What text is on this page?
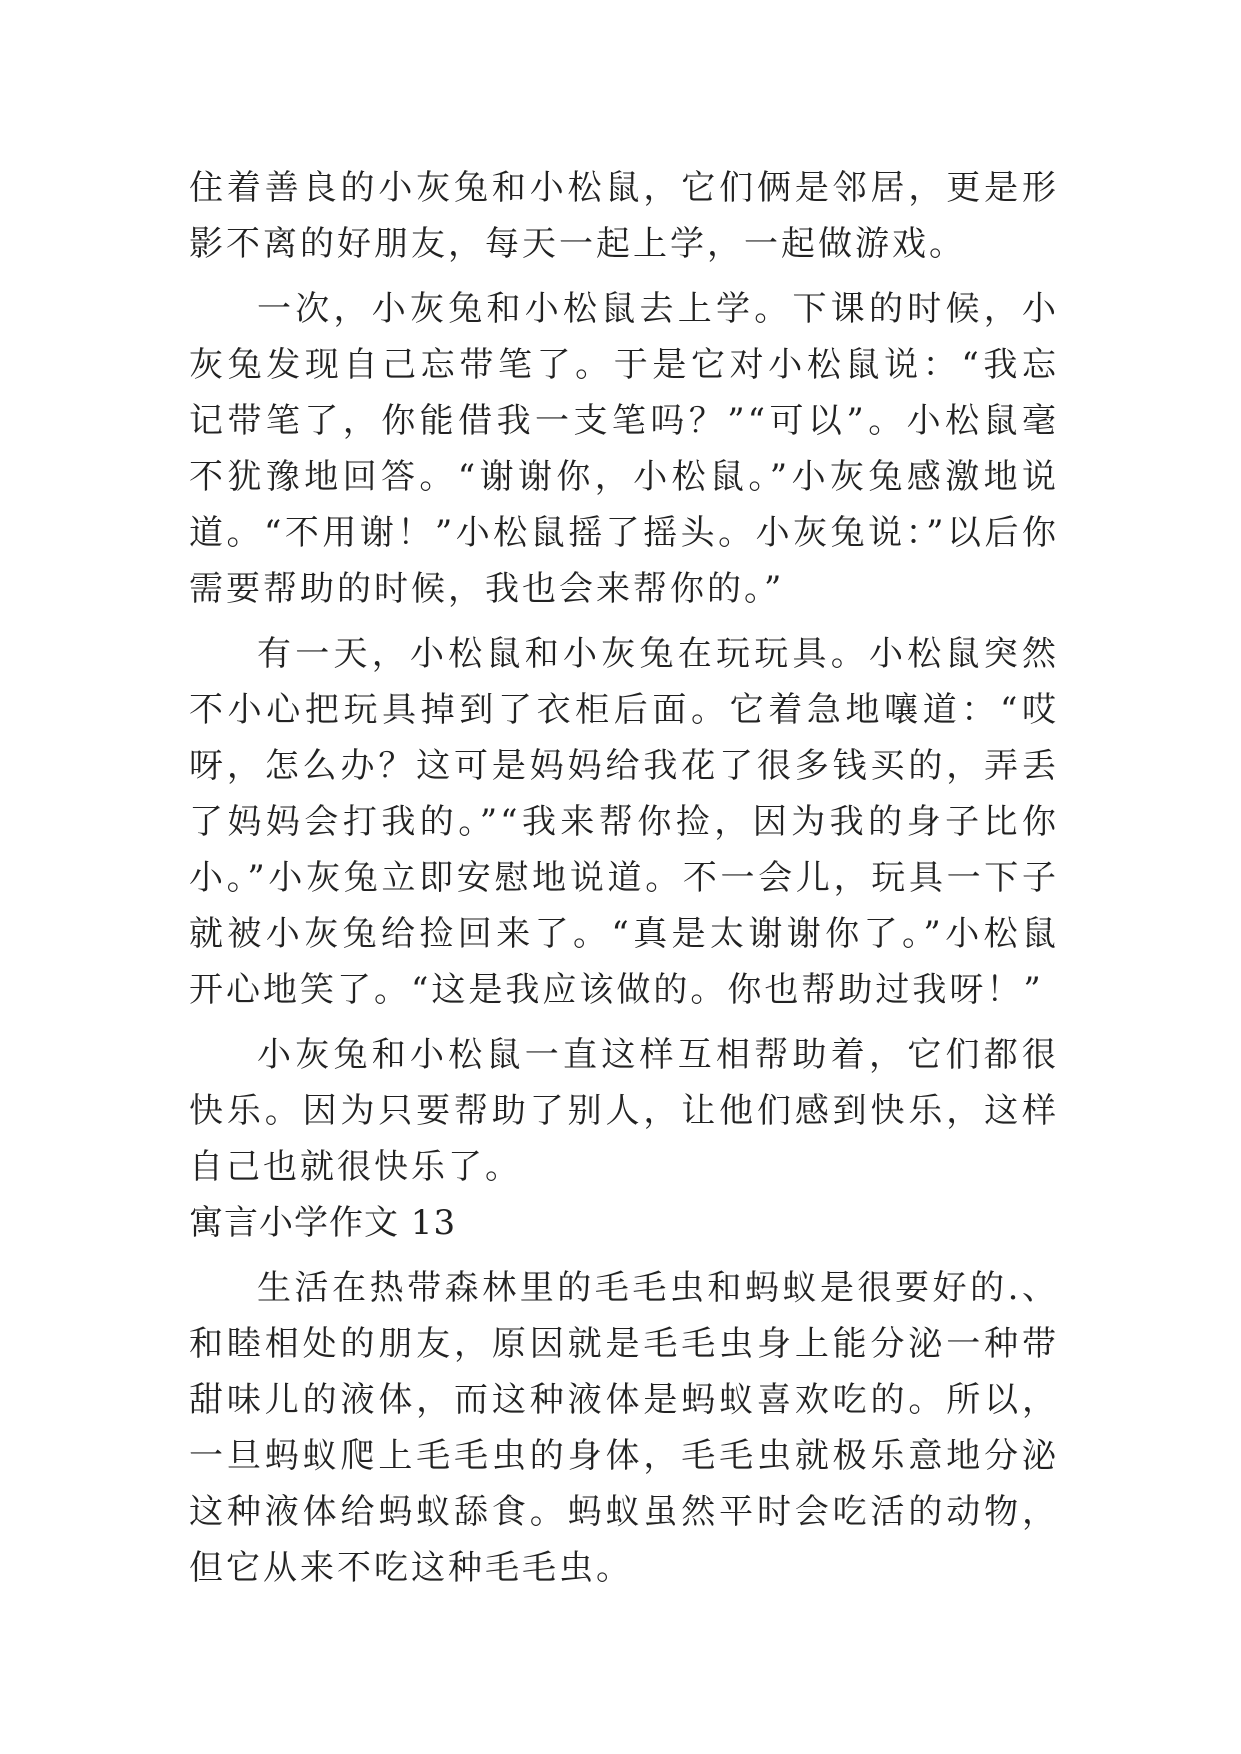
住着善良的小灰兔和小松鼠，它们俩是邻居，更是形影不离的好朋友，每天一起上学，一起做游戏。

一次，小灰兔和小松鼠去上学。下课的时候，小灰兔发现自己忘带笔了。于是它对小松鼠说：“我忘记带笔了，你能借我一支笔吗？”“可以”。小松鼠毫不犹豫地回答。“谢谢你，小松鼠。”小灰兔感激地说道。“不用谢！”小松鼠摇了摇头。小灰兔说：”以后你需要帮助的时候，我也会来帮你的。”

有一天，小松鼠和小灰兔在玩玩具。小松鼠突然不小心把玩具掉到了衣柜后面。它着急地嚷道：“哎呀，怎么办？这可是妈妈给我花了很多钱买的，弄丢了妈妈会打我的。”“我来帮你捡，因为我的身子比你小。”小灰兔立即安慰地说道。不一会儿，玩具一下子就被小灰兔给捡回来了。“真是太谢谢你了。”小松鼠开心地笑了。“这是我应该做的。你也帮助过我呀！”

小灰兔和小松鼠一直这样互相帮助着，它们都很快乐。因为只要帮助了别人，让他们感到快乐，这样自己也就很快乐了。

寓言小学作文 13

生活在热带森林里的毛毛虫和蚂蚁是很要好的.、和睦相处的朋友，原因就是毛毛虫身上能分泌一种带甜味儿的液体，而这种液体是蚂蚁喜欢吃的。所以，一旦蚂蚁爬上毛毛虫的身体，毛毛虫就极乐意地分泌这种液体给蚂蚁舔食。蚂蚁虽然平时会吃活的动物，但它从来不吃这种毛毛虫。
